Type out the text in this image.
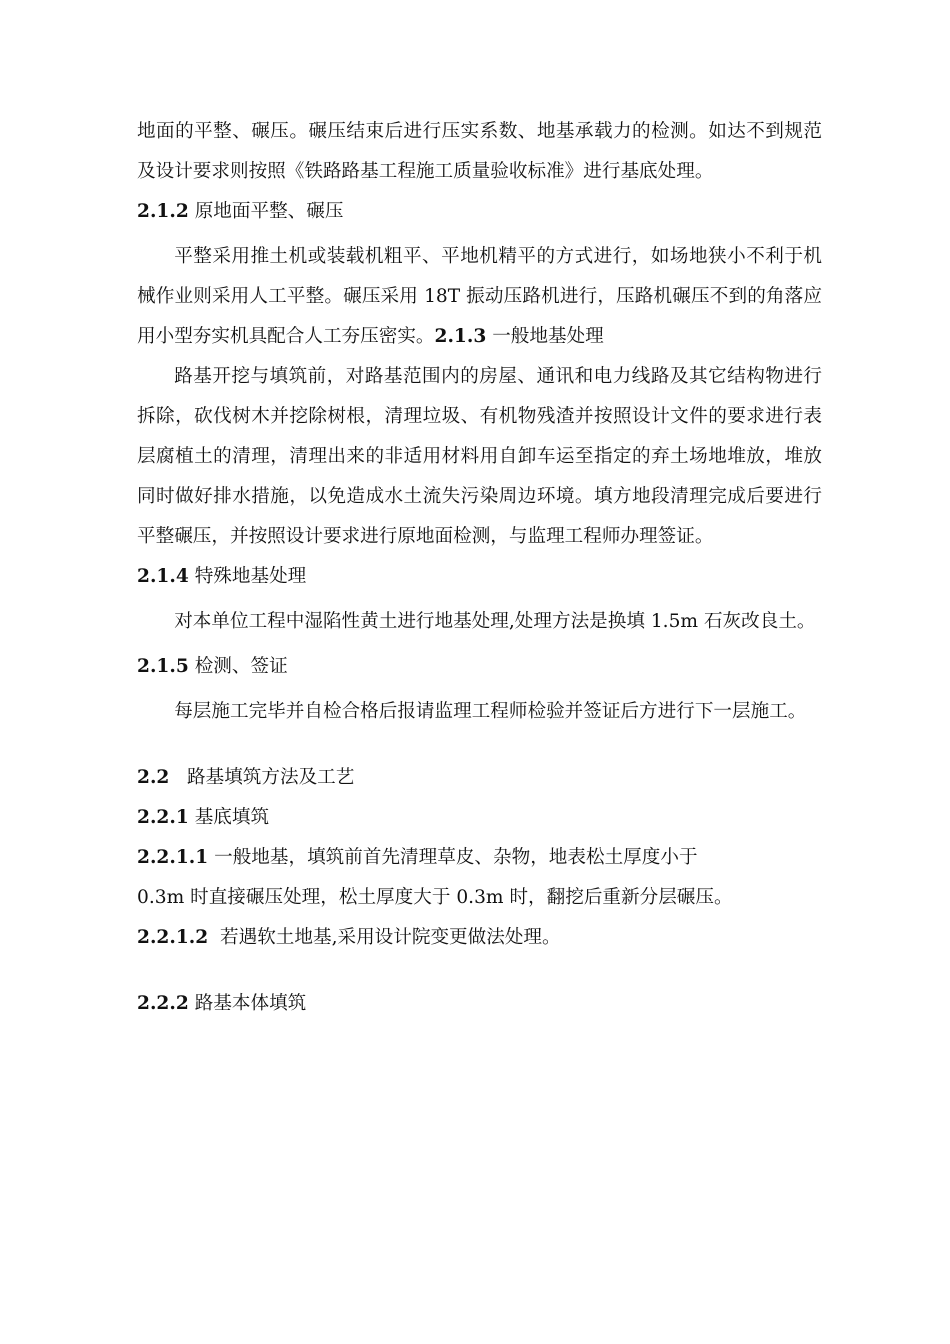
地面的平整、碾压。碾压结束后进行压实系数、地基承载力的检测。如达不到规范及设计要求则按照《铁路路基工程施工质量验收标准》进行基底处理。

2.1.2 原地面平整、碾压

平整采用推土机或装载机粗平、平地机精平的方式进行，如场地狭小不利于机械作业则采用人工平整。碾压采用 18T 振动压路机进行，压路机碾压不到的角落应用小型夯实机具配合人工夯压密实。2.1.3 一般地基处理

路基开挖与填筑前，对路基范围内的房屋、通讯和电力线路及其它结构物进行拆除，砍伐树木并挖除树根，清理垃圾、有机物残渣并按照设计文件的要求进行表层腐植土的清理，清理出来的非适用材料用自卸车运至指定的弃土场地堆放，堆放同时做好排水措施，以免造成水土流失污染周边环境。填方地段清理完成后要进行平整碾压，并按照设计要求进行原地面检测，与监理工程师办理签证。

2.1.4 特殊地基处理

对本单位工程中湿陷性黄土进行地基处理,处理方法是换填 1.5m 石灰改良土。

2.1.5 检测、签证

每层施工完毕并自检合格后报请监理工程师检验并签证后方进行下一层施工。

2.2 路基填筑方法及工艺
2.2.1 基底填筑
2.2.1.1 一般地基，填筑前首先清理草皮、杂物，地表松土厚度小于
0.3m 时直接碾压处理，松土厚度大于 0.3m 时，翻挖后重新分层碾压。
2.2.1.2 若遇软土地基,采用设计院变更做法处理。
2.2.2 路基本体填筑
